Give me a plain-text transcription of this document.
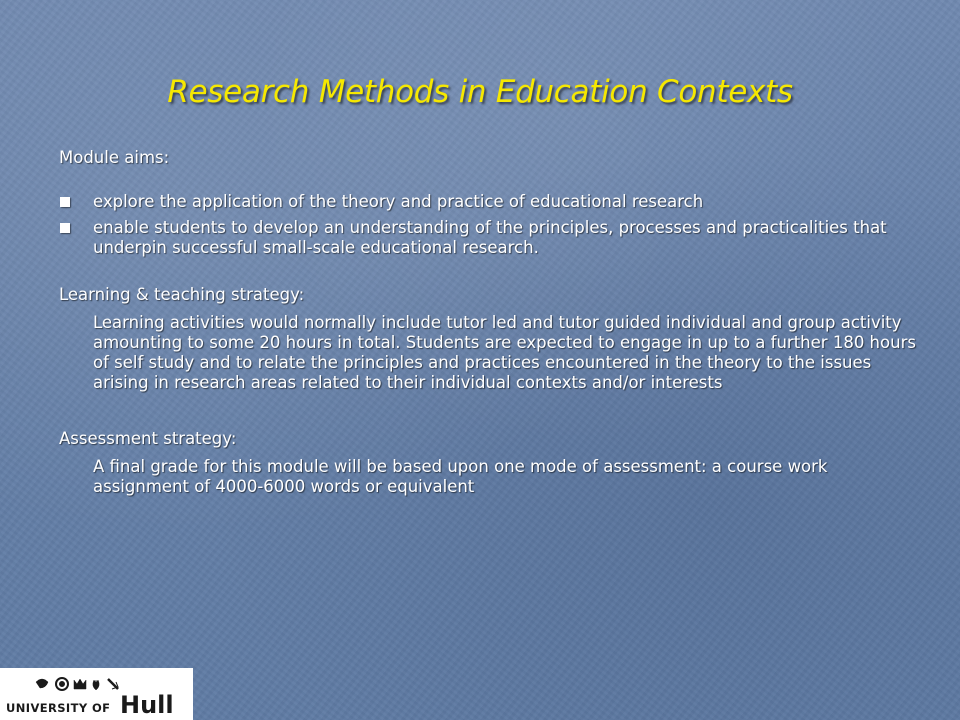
Research Methods in Education Contexts
Module aims:
explore the application of the theory and practice of educational research
enable students to develop an understanding of the principles, processes and practicalities that underpin successful small-scale educational research.
Learning & teaching strategy:

Learning activities would normally include tutor led and tutor guided individual and group activity amounting to some 20 hours in total. Students are expected to engage in up to a further 180 hours of self study and to relate the principles and practices encountered in the theory to the issues arising in research areas related to their individual contexts and/or interests

Assessment strategy:

A final grade for this module will be based upon one mode of assessment: a course work assignment of 4000-6000 words or equivalent

UNIVERSITY OF Hull
